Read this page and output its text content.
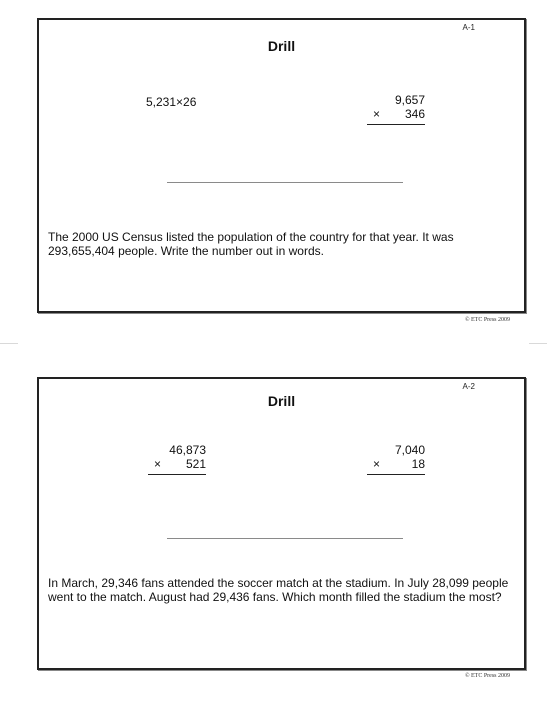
A-1
Drill
5,231×26	9,657
×	346
The 2000 US Census listed the population of the country for that year. It was 293,655,404 people. Write the number out in words.
© ETC Press 2009
A-2
Drill
46,873
×	521
7,040
×	18
In March, 29,346 fans attended the soccer match at the stadium. In July 28,099 people went to the match. August had 29,436 fans. Which month filled the stadium the most?
© ETC Press 2009
